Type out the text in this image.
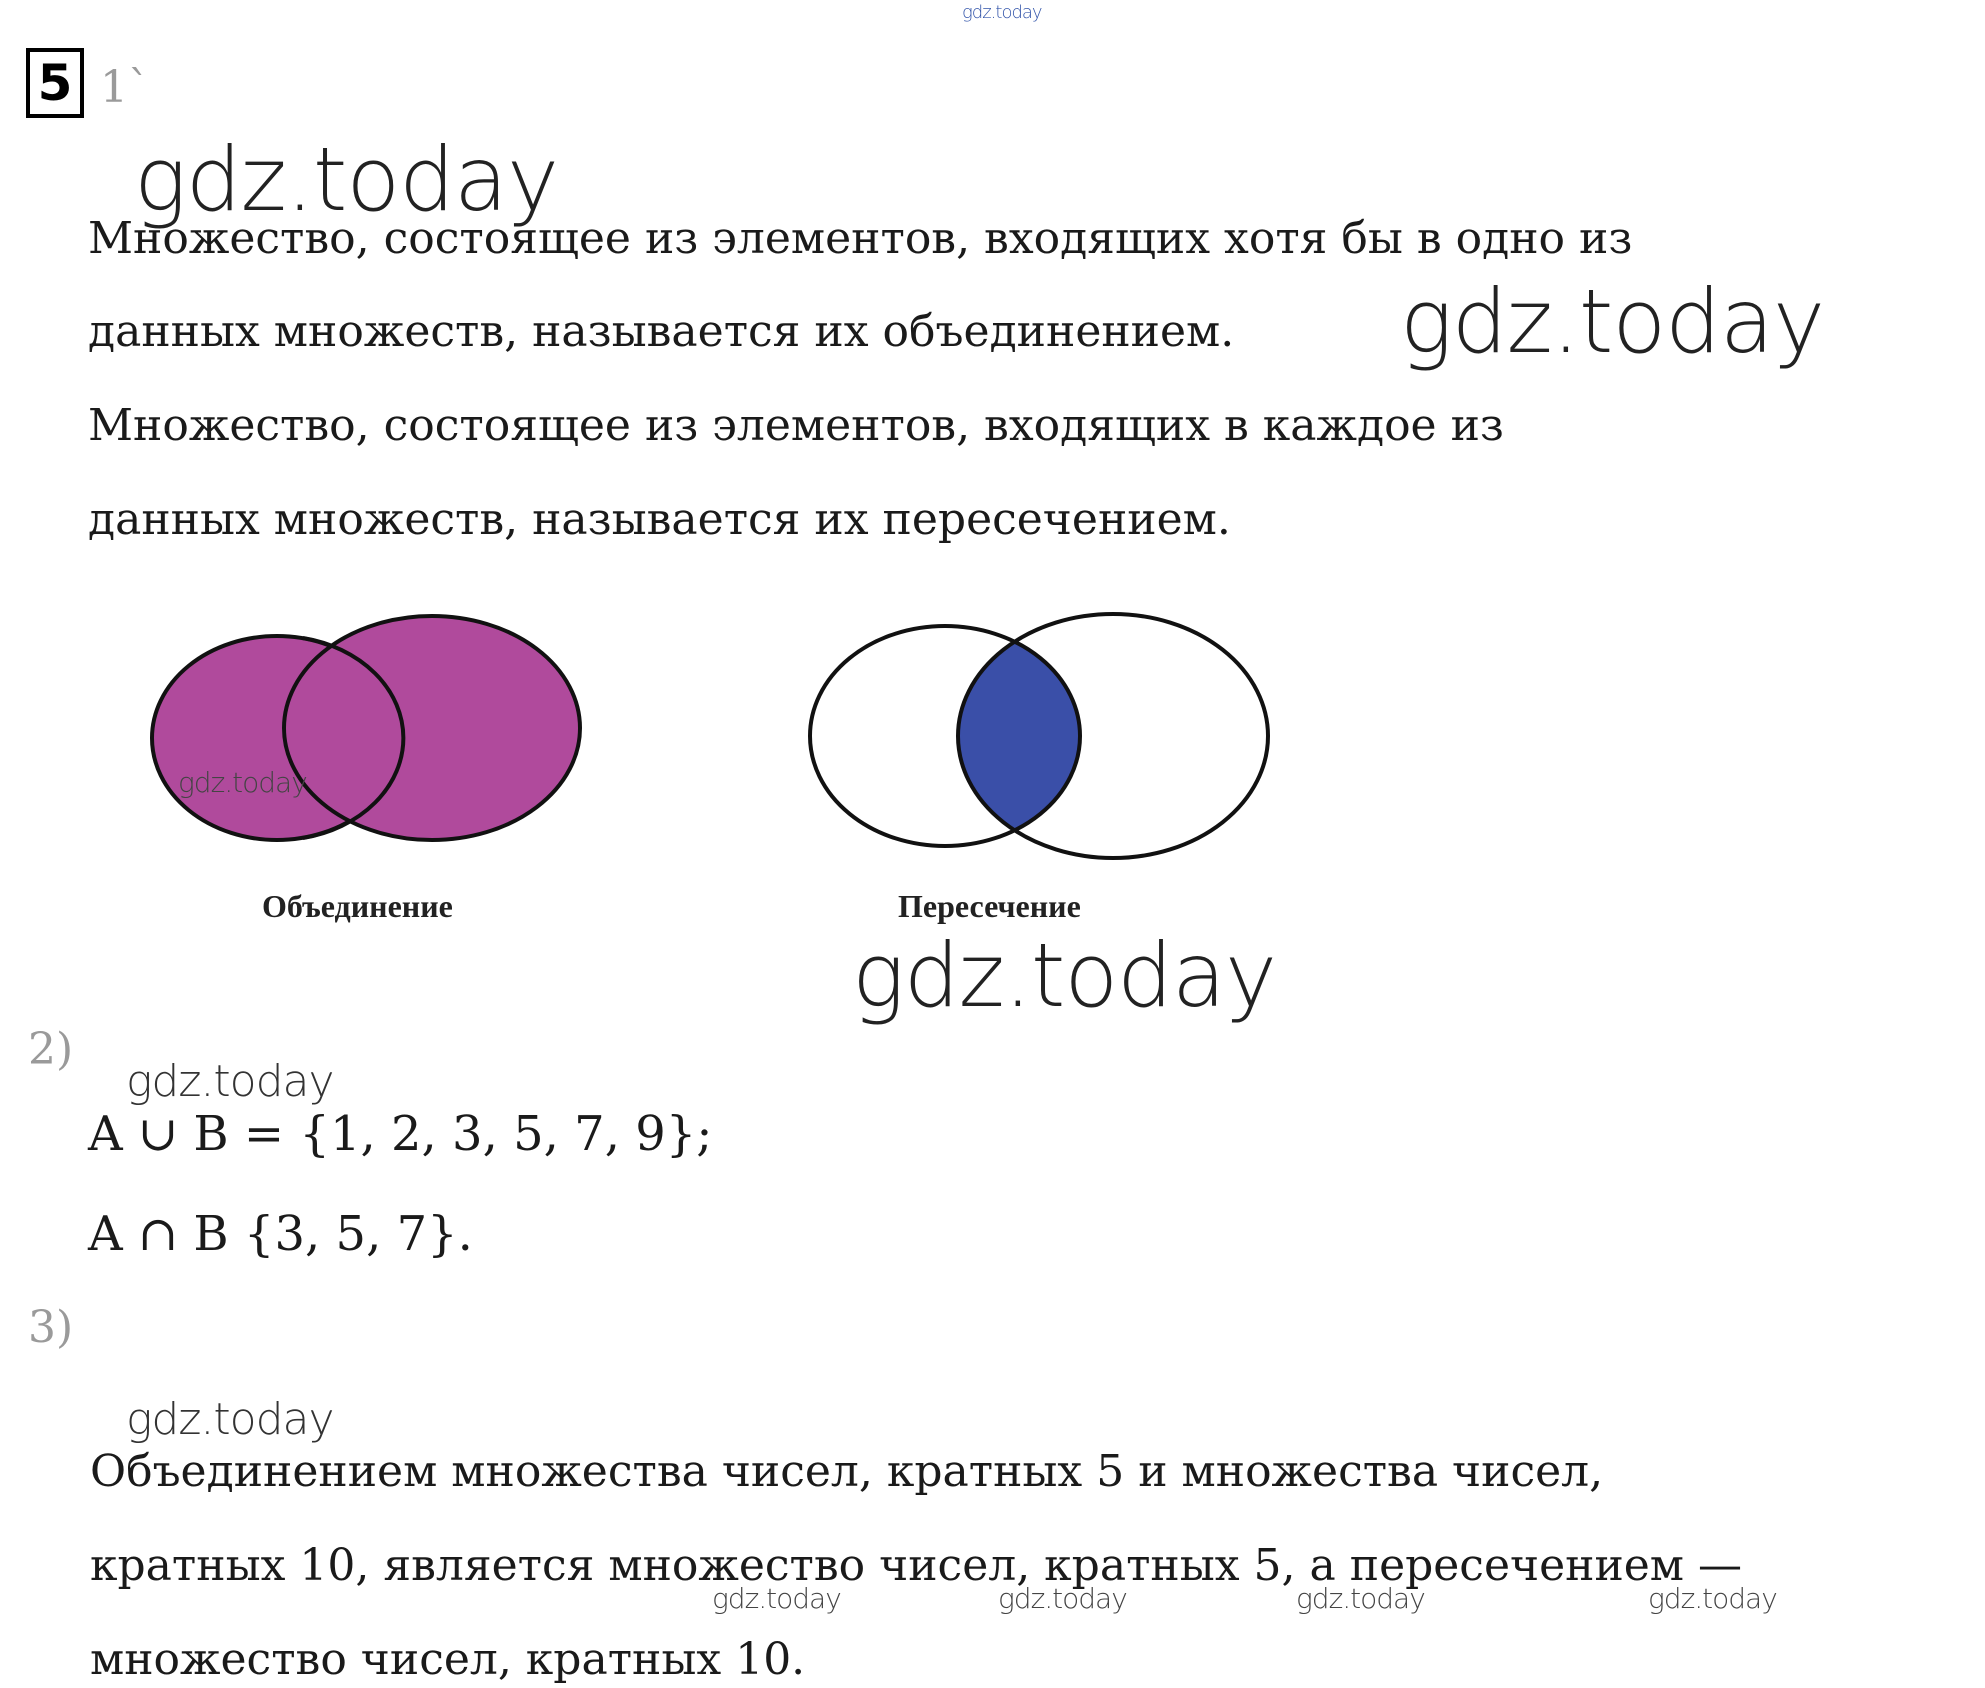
gdz.today
5 1`
gdz.today
Множество, состоящее из элементов, входящих хотя бы в одно из
данных множеств, называется их объединением. gdz.today
Множество, состоящее из элементов, входящих в каждое из
данных множеств, называется их пересечением.
gdz.today
Объединение	Пересечение
gdz.today
2)
gdz.today
A ∪ B = {1, 2, 3, 5, 7, 9};
A ∩ B {3, 5, 7}.
3)
gdz.today
Объединением множества чисел, кратных 5 и множества чисел,
кратных 10, является множество чисел, кратных 5, а пересечением —
множество чисел, кратных 10.
gdz.today	gdz.today	gdz.today	gdz.today
